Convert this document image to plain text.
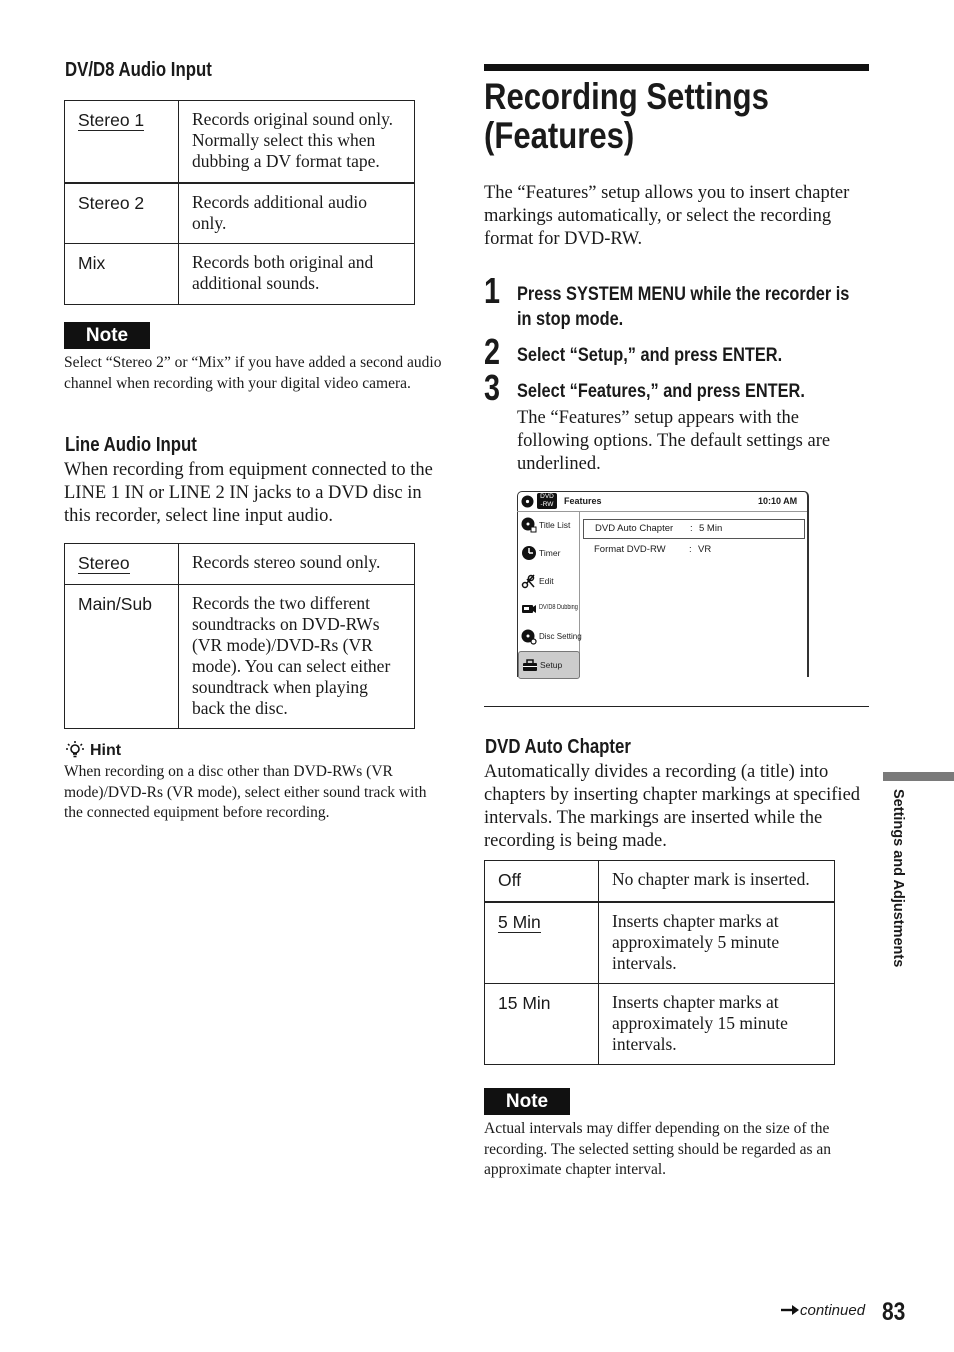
DV/D8 Audio Input
Stereo 1	Records original sound only. Normally select this when dubbing a DV format tape.
Stereo 2	Records additional audio only.
Mix	Records both original and additional sounds.
Note
Select “Stereo 2” or “Mix” if you have added a second audio channel when recording with your digital video camera.
Line Audio Input
When recording from equipment connected to the LINE 1 IN or LINE 2 IN jacks to a DVD disc in this recorder, select line input audio.
Stereo	Records stereo sound only.
Main/Sub	Records the two different soundtracks on DVD-RWs (VR mode)/DVD-Rs (VR mode). You can select either soundtrack when playing back the disc.
Hint
When recording on a disc other than DVD-RWs (VR mode)/DVD-Rs (VR mode), select either sound track with the connected equipment before recording.
Recording Settings
(Features)
The “Features” setup allows you to insert chapter markings automatically, or select the recording format for DVD-RW.
1 Press SYSTEM MENU while the recorder is
in stop mode.
2 Select “Setup,” and press ENTER.
3 Select “Features,” and press ENTER.
The “Features” setup appears with the following options. The default settings are underlined.
DVD
-RW	Features	10:10 AM
Title List
Timer
Edit
DV/D8 Dubbing
Disc Setting
Setup
DVD Auto Chapter : 5 Min
Format DVD-RW : VR
DVD Auto Chapter
Automatically divides a recording (a title) into chapters by inserting chapter markings at specified intervals. The markings are inserted while the recording is being made.
Off	No chapter mark is inserted.
5 Min	Inserts chapter marks at approximately 5 minute intervals.
15 Min	Inserts chapter marks at approximately 15 minute intervals.
Note
Actual intervals may differ depending on the size of the recording. The selected setting should be regarded as an approximate chapter interval.
Settings and Adjustments
continued 83
